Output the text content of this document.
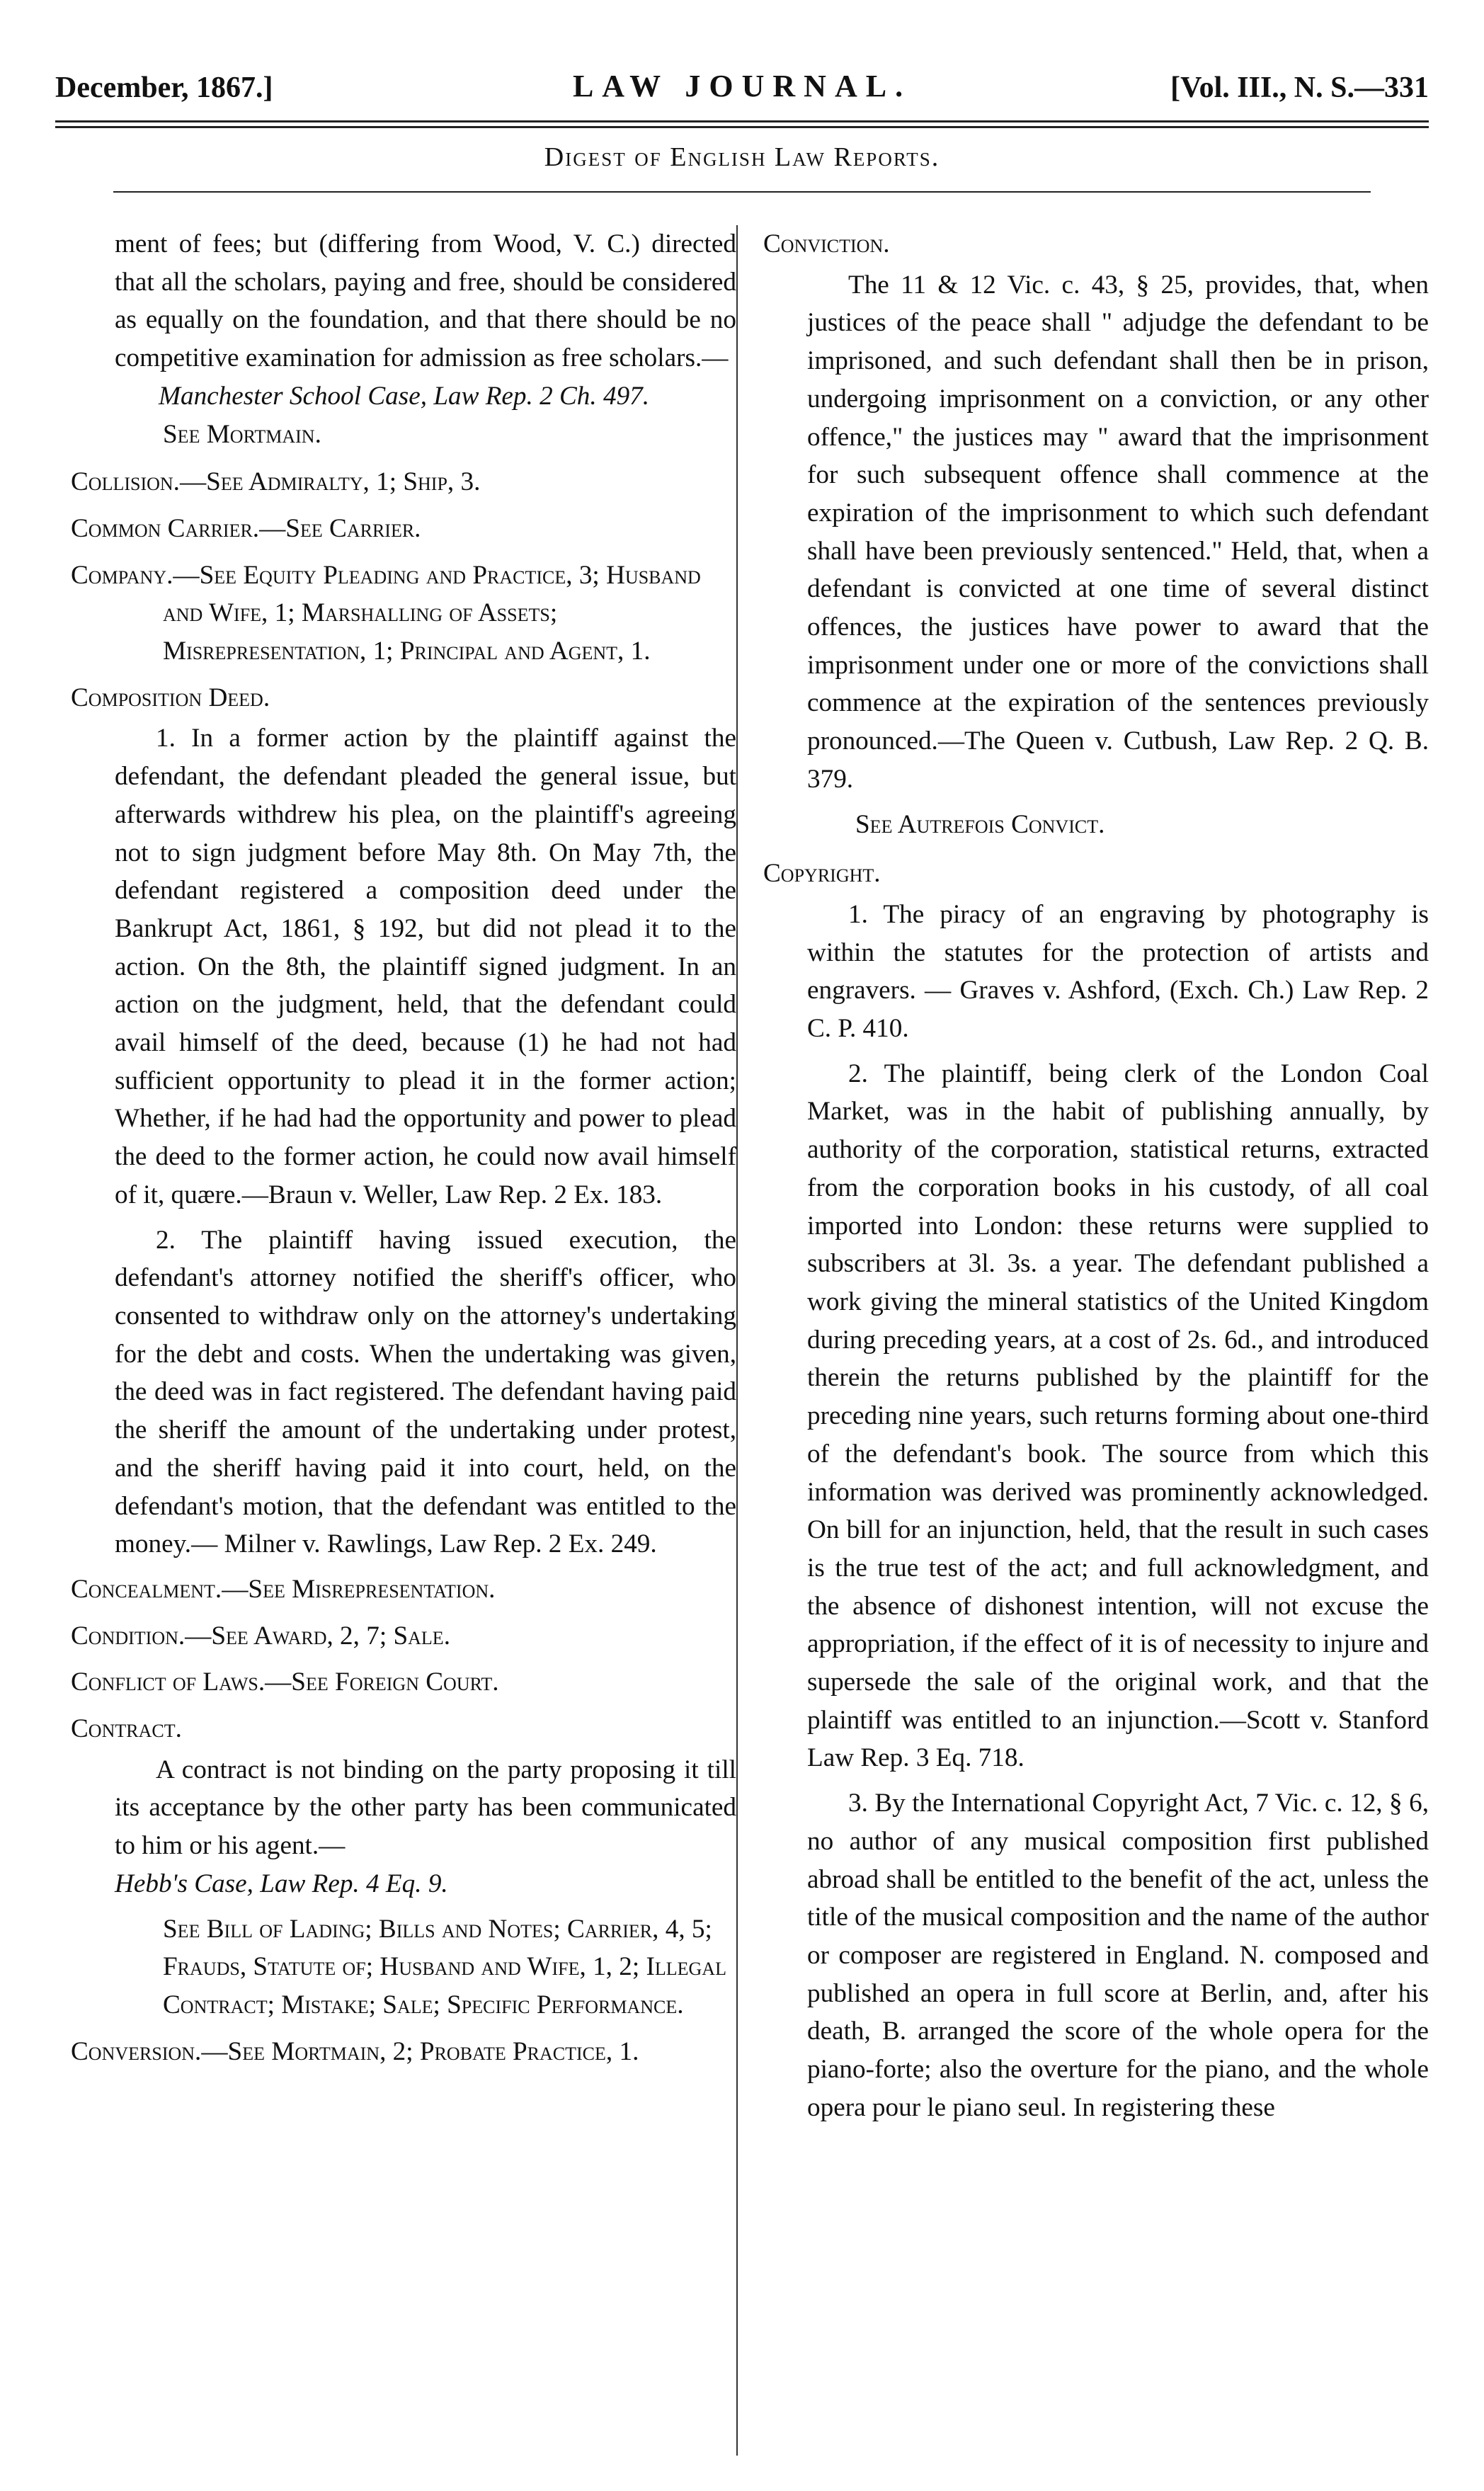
December, 1867.]	LAW JOURNAL.	[Vol. III., N. S.—331
Digest of English Law Reports.

ment of fees; but (differing from Wood, V. C.) directed that all the scholars, paying and free, should be considered as equally on the foundation, and that there should be no competitive examination for admission as free scholars.—

Manchester School Case, Law Rep. 2 Ch. 497.

See Mortmain.

Collision.—See Admiralty, 1; Ship, 3.

Common Carrier.—See Carrier.

Company.—See Equity Pleading and Practice, 3; Husband and Wife, 1; Marshalling of Assets; Misrepresentation, 1; Principal and Agent, 1.

Composition Deed.

1. In a former action by the plaintiff against the defendant, the defendant pleaded the general issue, but afterwards withdrew his plea, on the plaintiff's agreeing not to sign judgment before May 8th. On May 7th, the defendant registered a composition deed under the Bankrupt Act, 1861, § 192, but did not plead it to the action. On the 8th, the plaintiff signed judgment. In an action on the judgment, held, that the defendant could avail himself of the deed, because (1) he had not had sufficient opportunity to plead it in the former action; Whether, if he had had the opportunity and power to plead the deed to the former action, he could now avail himself of it, quære.—Braun v. Weller, Law Rep. 2 Ex. 183.

2. The plaintiff having issued execution, the defendant's attorney notified the sheriff's officer, who consented to withdraw only on the attorney's undertaking for the debt and costs. When the undertaking was given, the deed was in fact registered. The defendant having paid the sheriff the amount of the undertaking under protest, and the sheriff having paid it into court, held, on the defendant's motion, that the defendant was entitled to the money.— Milner v. Rawlings, Law Rep. 2 Ex. 249.

Concealment.—See Misrepresentation.

Condition.—See Award, 2, 7; Sale.

Conflict of Laws.—See Foreign Court.

Contract.

A contract is not binding on the party proposing it till its acceptance by the other party has been communicated to him or his agent.—

Hebb's Case, Law Rep. 4 Eq. 9.

See Bill of Lading; Bills and Notes; Carrier, 4, 5; Frauds, Statute of; Husband and Wife, 1, 2; Illegal Contract; Mistake; Sale; Specific Performance.

Conversion.—See Mortmain, 2; Probate Practice, 1.

Conviction.

The 11 & 12 Vic. c. 43, § 25, provides, that, when justices of the peace shall " adjudge the defendant to be imprisoned, and such defendant shall then be in prison, undergoing imprisonment on a conviction, or any other offence," the justices may " award that the imprisonment for such subsequent offence shall commence at the expiration of the imprisonment to which such defendant shall have been previously sentenced." Held, that, when a defendant is convicted at one time of several distinct offences, the justices have power to award that the imprisonment under one or more of the convictions shall commence at the expiration of the sentences previously pronounced.—The Queen v. Cutbush, Law Rep. 2 Q. B. 379.

See Autrefois Convict.

Copyright.

1. The piracy of an engraving by photography is within the statutes for the protection of artists and engravers. — Graves v. Ashford, (Exch. Ch.) Law Rep. 2 C. P. 410.

2. The plaintiff, being clerk of the London Coal Market, was in the habit of publishing annually, by authority of the corporation, statistical returns, extracted from the corporation books in his custody, of all coal imported into London: these returns were supplied to subscribers at 3l. 3s. a year. The defendant published a work giving the mineral statistics of the United Kingdom during preceding years, at a cost of 2s. 6d., and introduced therein the returns published by the plaintiff for the preceding nine years, such returns forming about one-third of the defendant's book. The source from which this information was derived was prominently acknowledged. On bill for an injunction, held, that the result in such cases is the true test of the act; and full acknowledgment, and the absence of dishonest intention, will not excuse the appropriation, if the effect of it is of necessity to injure and supersede the sale of the original work, and that the plaintiff was entitled to an injunction.—Scott v. Stanford Law Rep. 3 Eq. 718.

3. By the International Copyright Act, 7 Vic. c. 12, § 6, no author of any musical composition first published abroad shall be entitled to the benefit of the act, unless the title of the musical composition and the name of the author or composer are registered in England. N. composed and published an opera in full score at Berlin, and, after his death, B. arranged the score of the whole opera for the piano-forte; also the overture for the piano, and the whole opera pour le piano seul. In registering these
